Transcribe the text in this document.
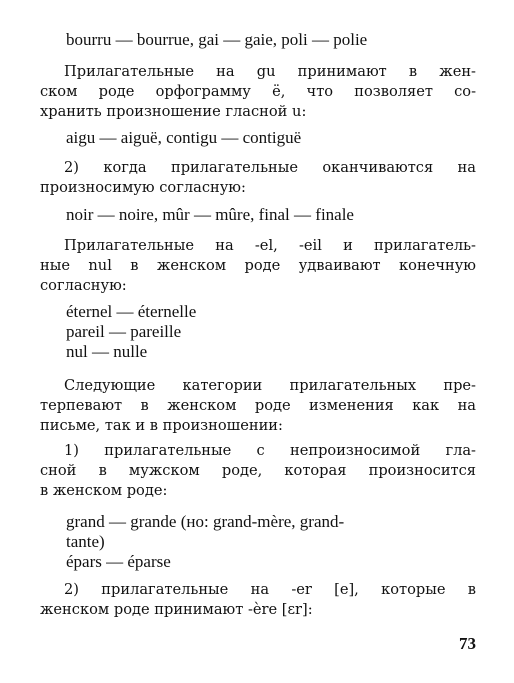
bourru — bourrue, gai — gaie, poli — polie

Прилагательные на gu принимают в жен-

ском роде орфограмму ë, что позволяет со-

хранить произношение гласной u:

aigu — aiguë, contigu — contiguë

2) когда прилагательные оканчиваются на

произносимую согласную:

noir — noire, mûr — mûre, final — finale

Прилагательные на -el, -eil и прилагатель-

ные nul в женском роде удваивают конечную

согласную:

éternel — éternelle

pareil — pareille

nul — nulle

Следующие категории прилагательных пре-

терпевают в женском роде изменения как на

письме, так и в произношении:

1) прилагательные с непроизносимой гла-

сной в мужском роде, которая произносится

в женском роде:

grand — grande (но: grand-mère, grand-

tante)

épars — éparse

2) прилагательные на -er [e], которые в

женском роде принимают -ère [ɛr]:

73
